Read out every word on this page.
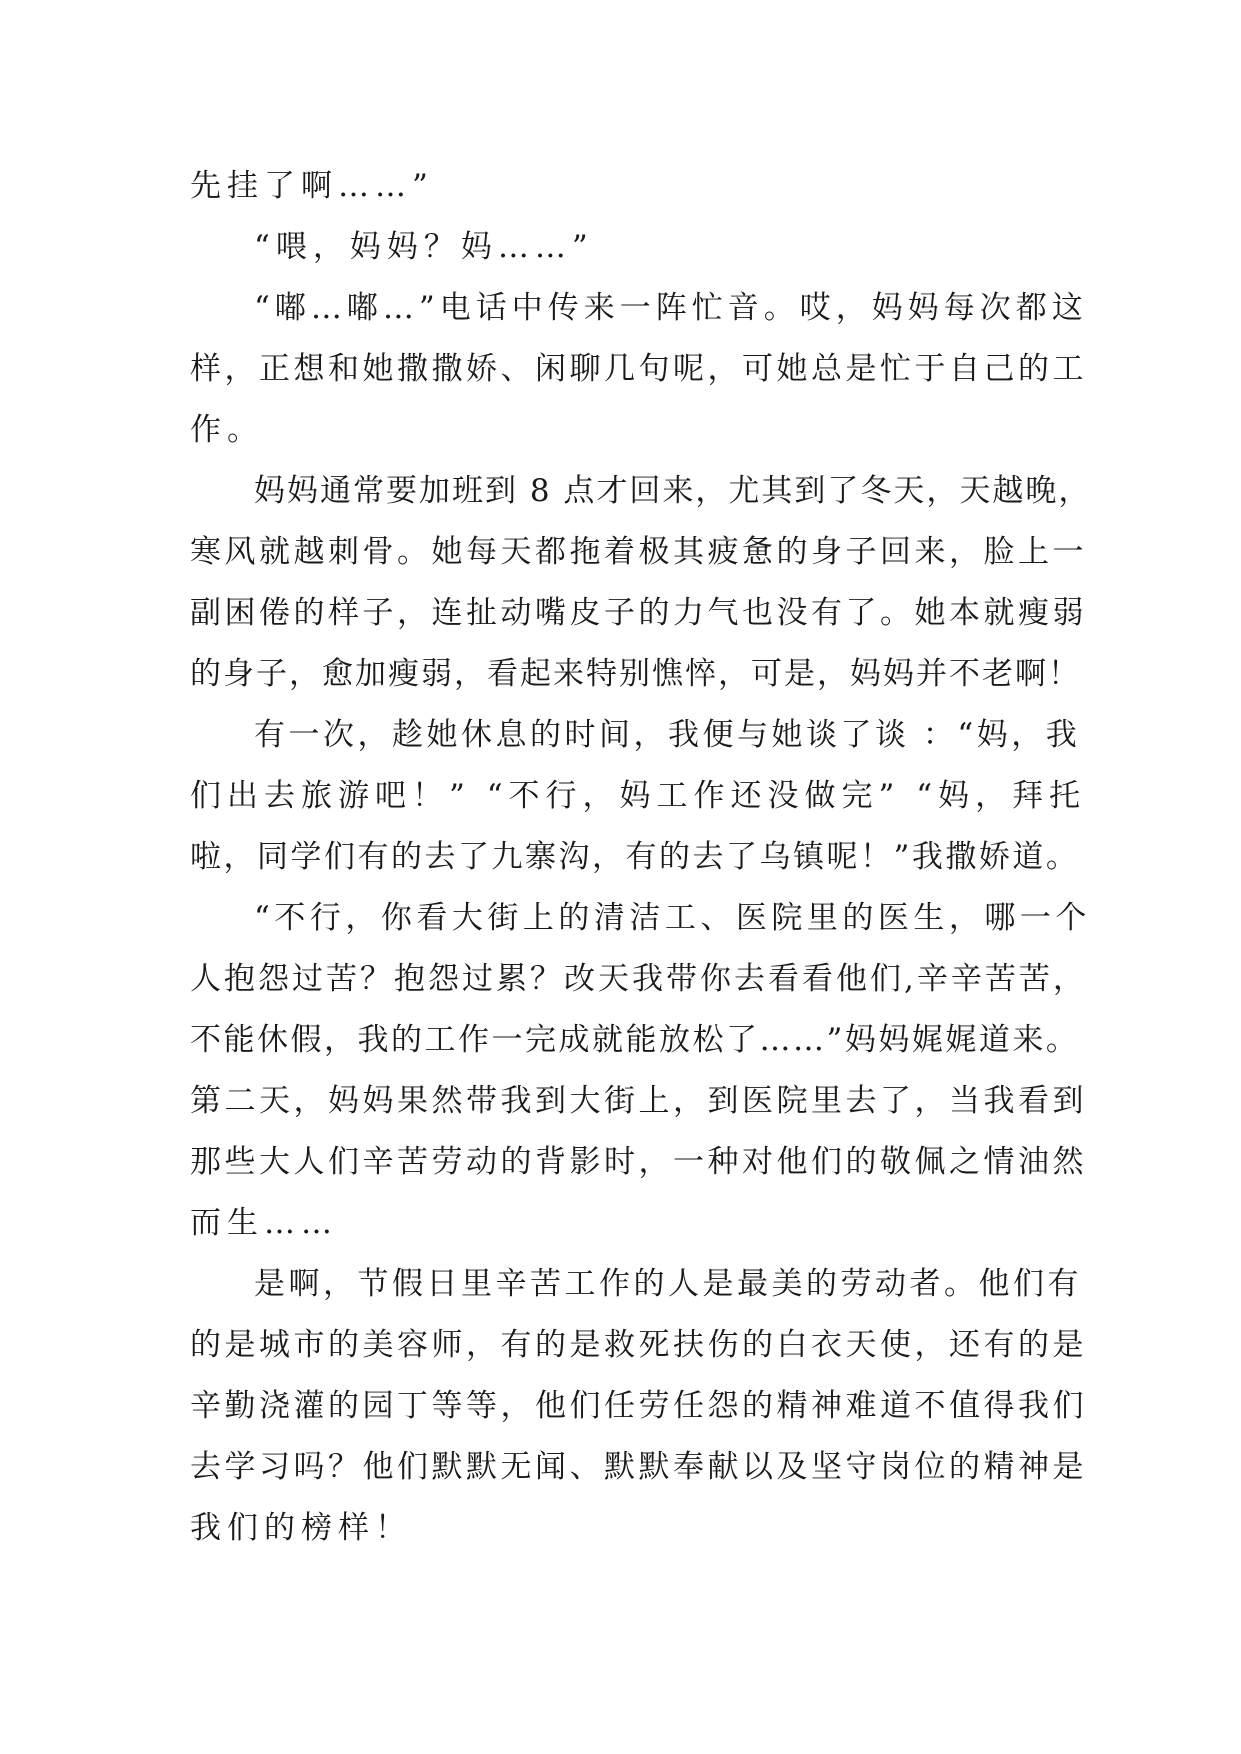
先挂了啊……”
“喂，妈妈？妈……”
“嘟…嘟…”电话中传来一阵忙音。哎，妈妈每次都这
样，正想和她撒撒娇、闲聊几句呢，可她总是忙于自己的工
作。
妈妈通常要加班到 8 点才回来，尤其到了冬天，天越晚，
寒风就越刺骨。她每天都拖着极其疲惫的身子回来，脸上一
副困倦的样子，连扯动嘴皮子的力气也没有了。她本就瘦弱
的身子，愈加瘦弱，看起来特别憔悴，可是，妈妈并不老啊！
有一次，趁她休息的时间，我便与她谈了谈 ：“妈，我
们出去旅游吧！” “不行，妈工作还没做完” “妈，拜托
啦，同学们有的去了九寨沟，有的去了乌镇呢！”我撒娇道。
“不行，你看大街上的清洁工、医院里的医生，哪一个
人抱怨过苦？抱怨过累？改天我带你去看看他们,辛辛苦苦，
不能休假，我的工作一完成就能放松了……”妈妈娓娓道来。
第二天，妈妈果然带我到大街上，到医院里去了，当我看到
那些大人们辛苦劳动的背影时，一种对他们的敬佩之情油然
而生……
是啊，节假日里辛苦工作的人是最美的劳动者。他们有
的是城市的美容师，有的是救死扶伤的白衣天使，还有的是
辛勤浇灌的园丁等等，他们任劳任怨的精神难道不值得我们
去学习吗？他们默默无闻、默默奉献以及坚守岗位的精神是
我们的榜样！
